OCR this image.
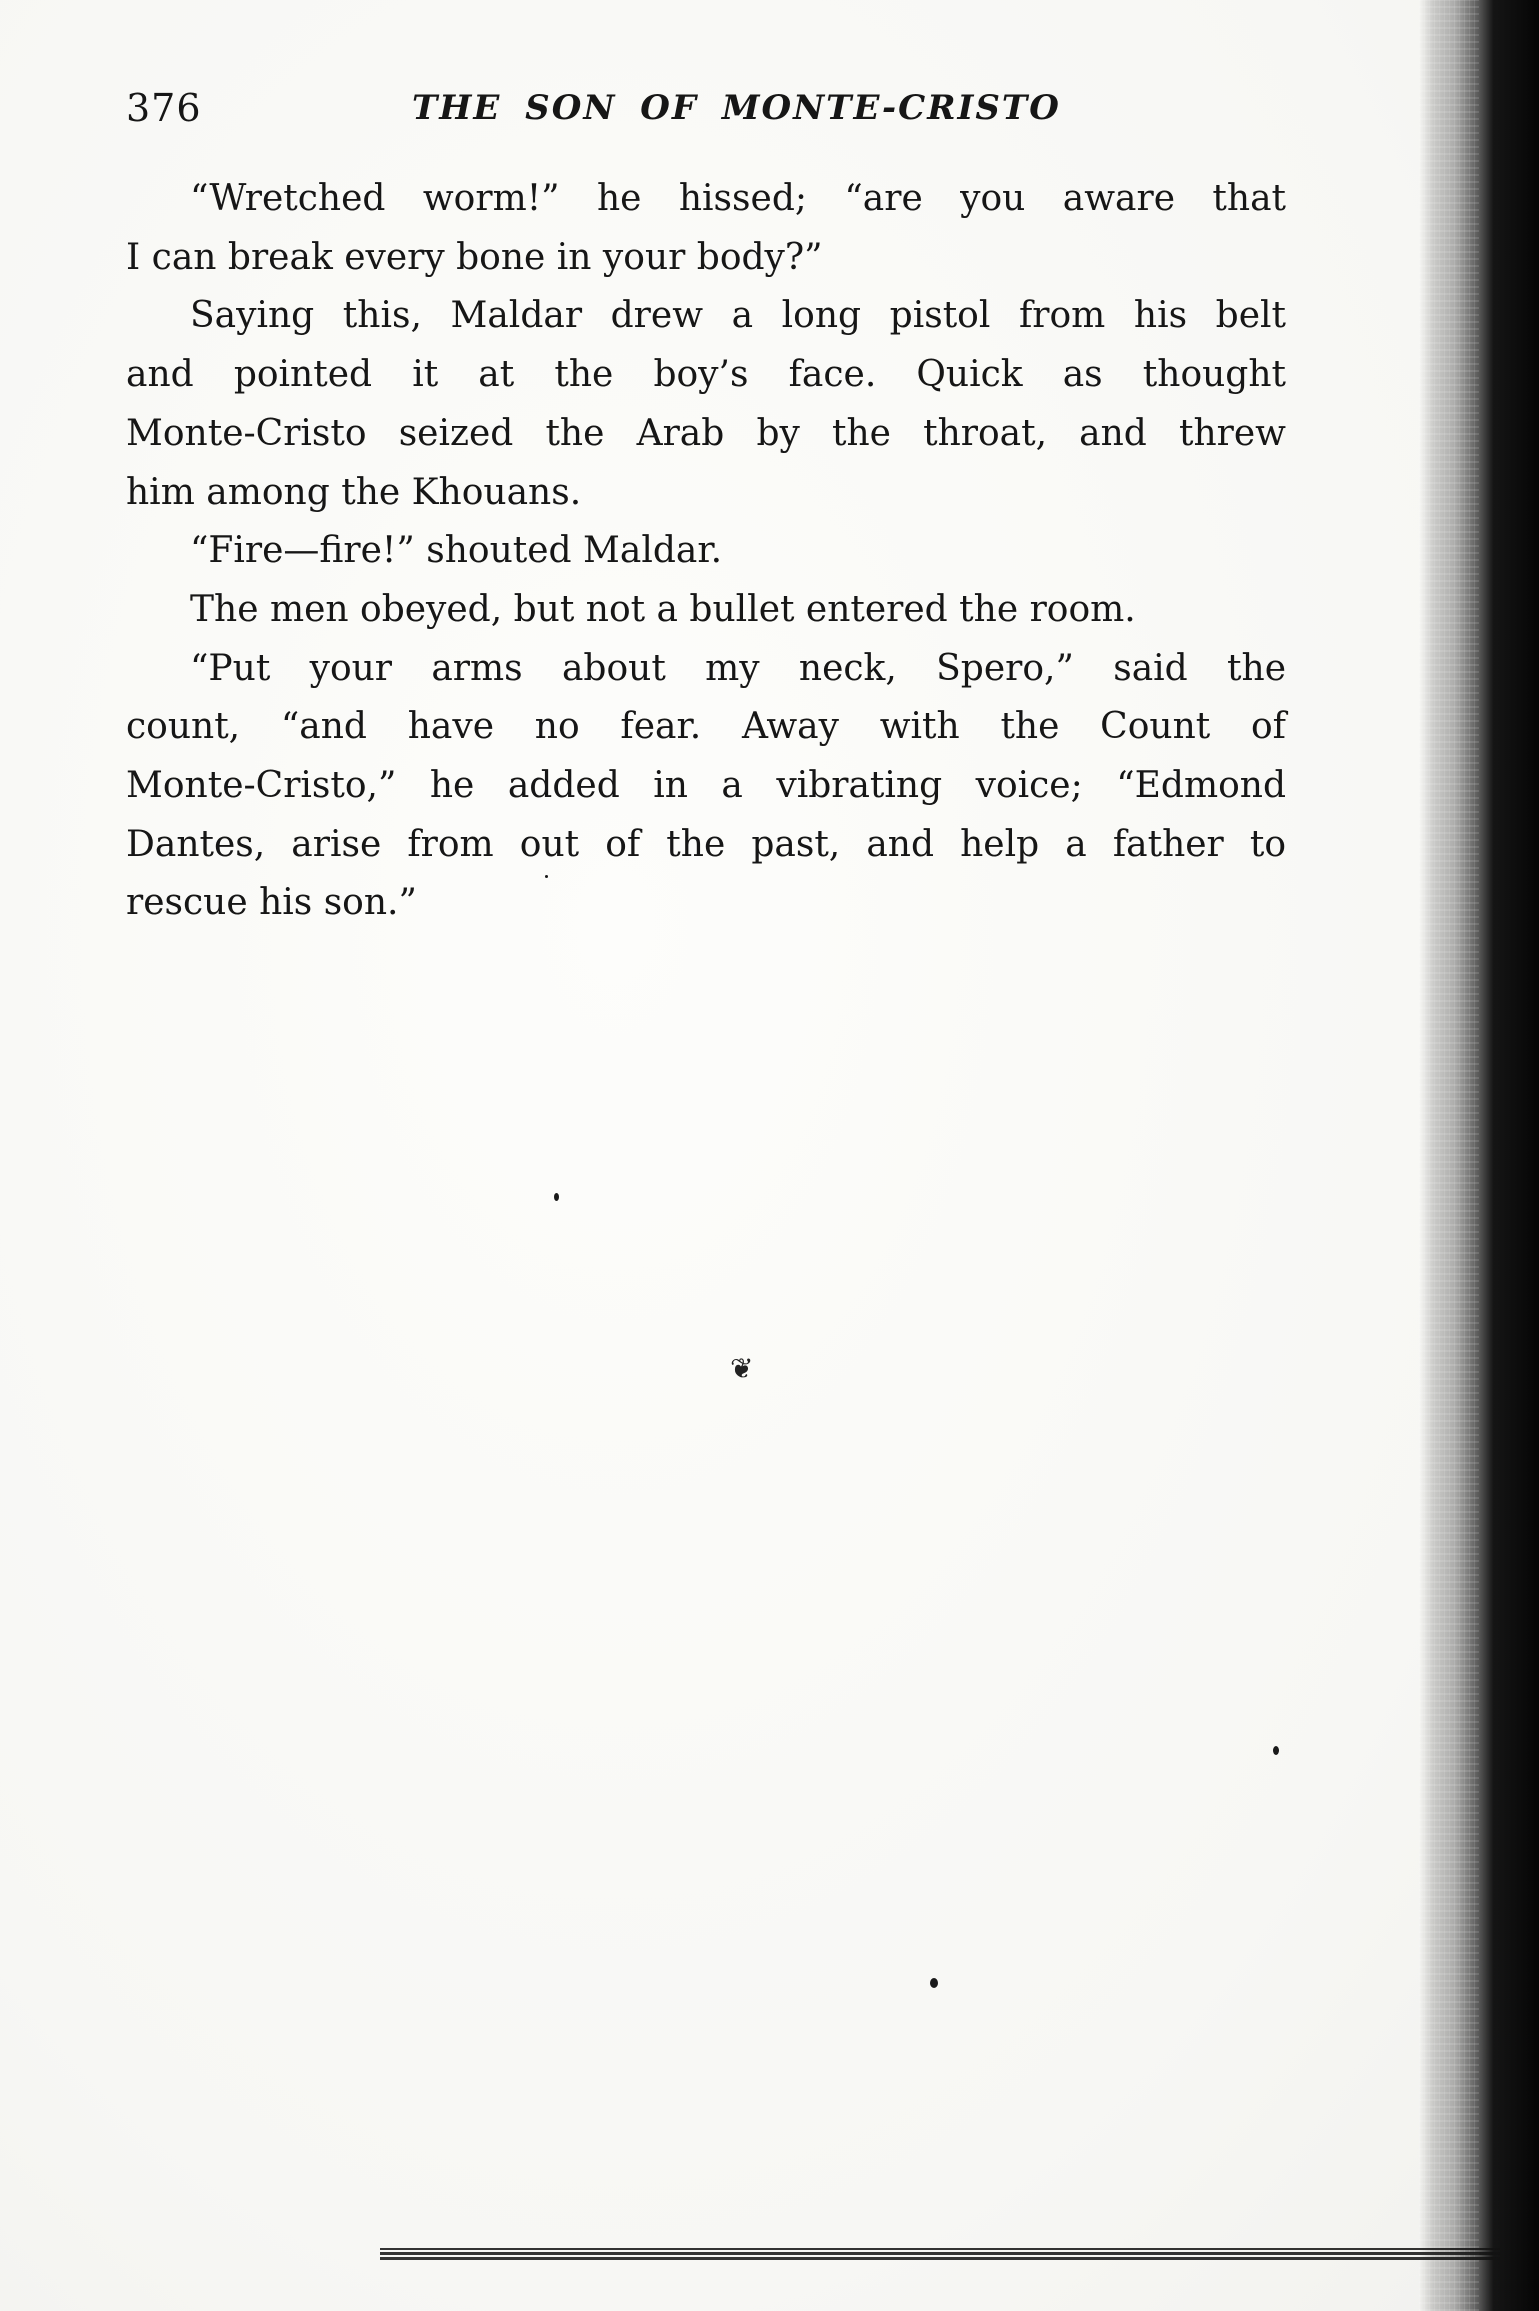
376	THE SON OF MONTE-CRISTO

“Wretched worm!” he hissed; “are you aware that

I can break every bone in your body?”

Saying this, Maldar drew a long pistol from his belt

and pointed it at the boy’s face. Quick as thought

Monte-Cristo seized the Arab by the throat, and threw

him among the Khouans.

“Fire—fire!” shouted Maldar.

The men obeyed, but not a bullet entered the room.

“Put your arms about my neck, Spero,” said the

count, “and have no fear. Away with the Count of

Monte-Cristo,” he added in a vibrating voice; “Edmond

Dantes, arise from out of the past, and help a father to

rescue his son.”

❦
